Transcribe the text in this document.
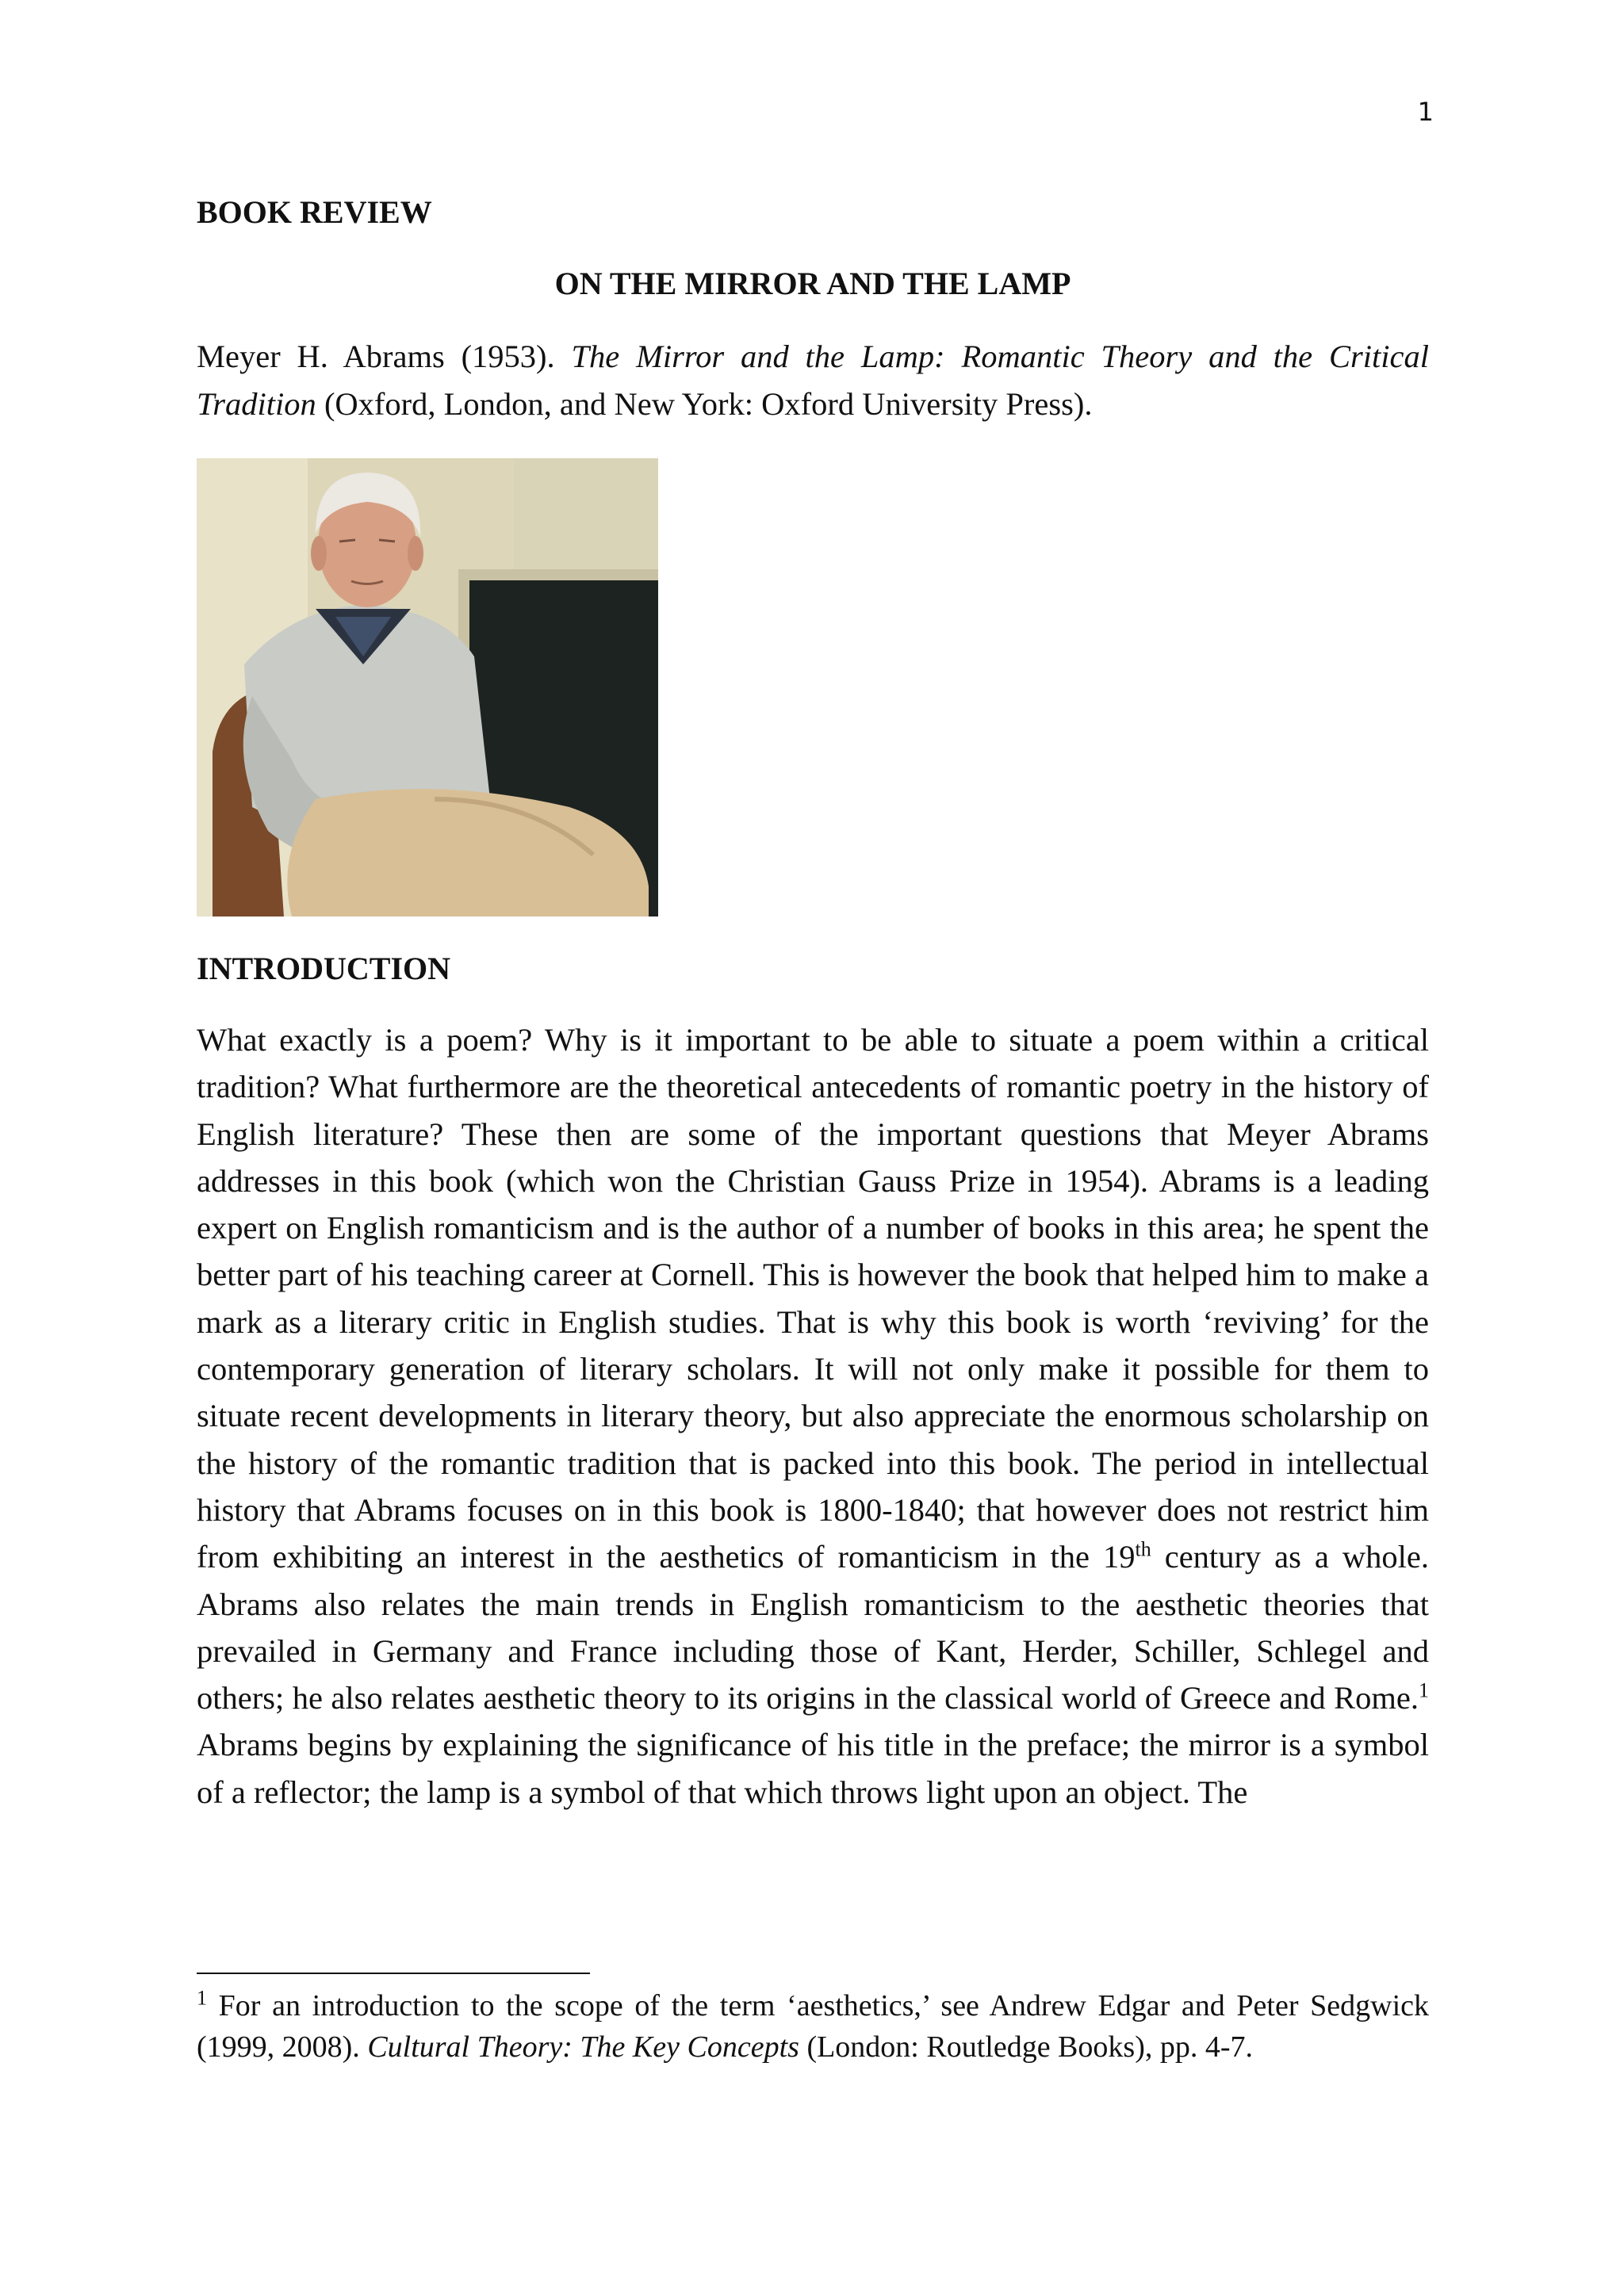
1

BOOK REVIEW

ON THE MIRROR AND THE LAMP

Meyer H. Abrams (1953). The Mirror and the Lamp: Romantic Theory and the Critical Tradition (Oxford, London, and New York: Oxford University Press).

INTRODUCTION

What exactly is a poem? Why is it important to be able to situate a poem within a critical tradition? What furthermore are the theoretical antecedents of romantic poetry in the history of English literature? These then are some of the important questions that Meyer Abrams addresses in this book (which won the Christian Gauss Prize in 1954). Abrams is a leading expert on English romanticism and is the author of a number of books in this area; he spent the better part of his teaching career at Cornell. This is however the book that helped him to make a mark as a literary critic in English studies. That is why this book is worth ‘reviving’ for the contemporary generation of literary scholars. It will not only make it possible for them to situate recent developments in literary theory, but also appreciate the enormous scholarship on the history of the romantic tradition that is packed into this book. The period in intellectual history that Abrams focuses on in this book is 1800-1840; that however does not restrict him from exhibiting an interest in the aesthetics of romanticism in the 19th century as a whole. Abrams also relates the main trends in English romanticism to the aesthetic theories that prevailed in Germany and France including those of Kant, Herder, Schiller, Schlegel and others; he also relates aesthetic theory to its origins in the classical world of Greece and Rome.$^1$ Abrams begins by explaining the significance of his title in the preface; the mirror is a symbol of a reflector; the lamp is a symbol of that which throws light upon an object. The

$^1$ For an introduction to the scope of the term ‘aesthetics,’ see Andrew Edgar and Peter Sedgwick (1999, 2008). Cultural Theory: The Key Concepts (London: Routledge Books), pp. 4-7.
